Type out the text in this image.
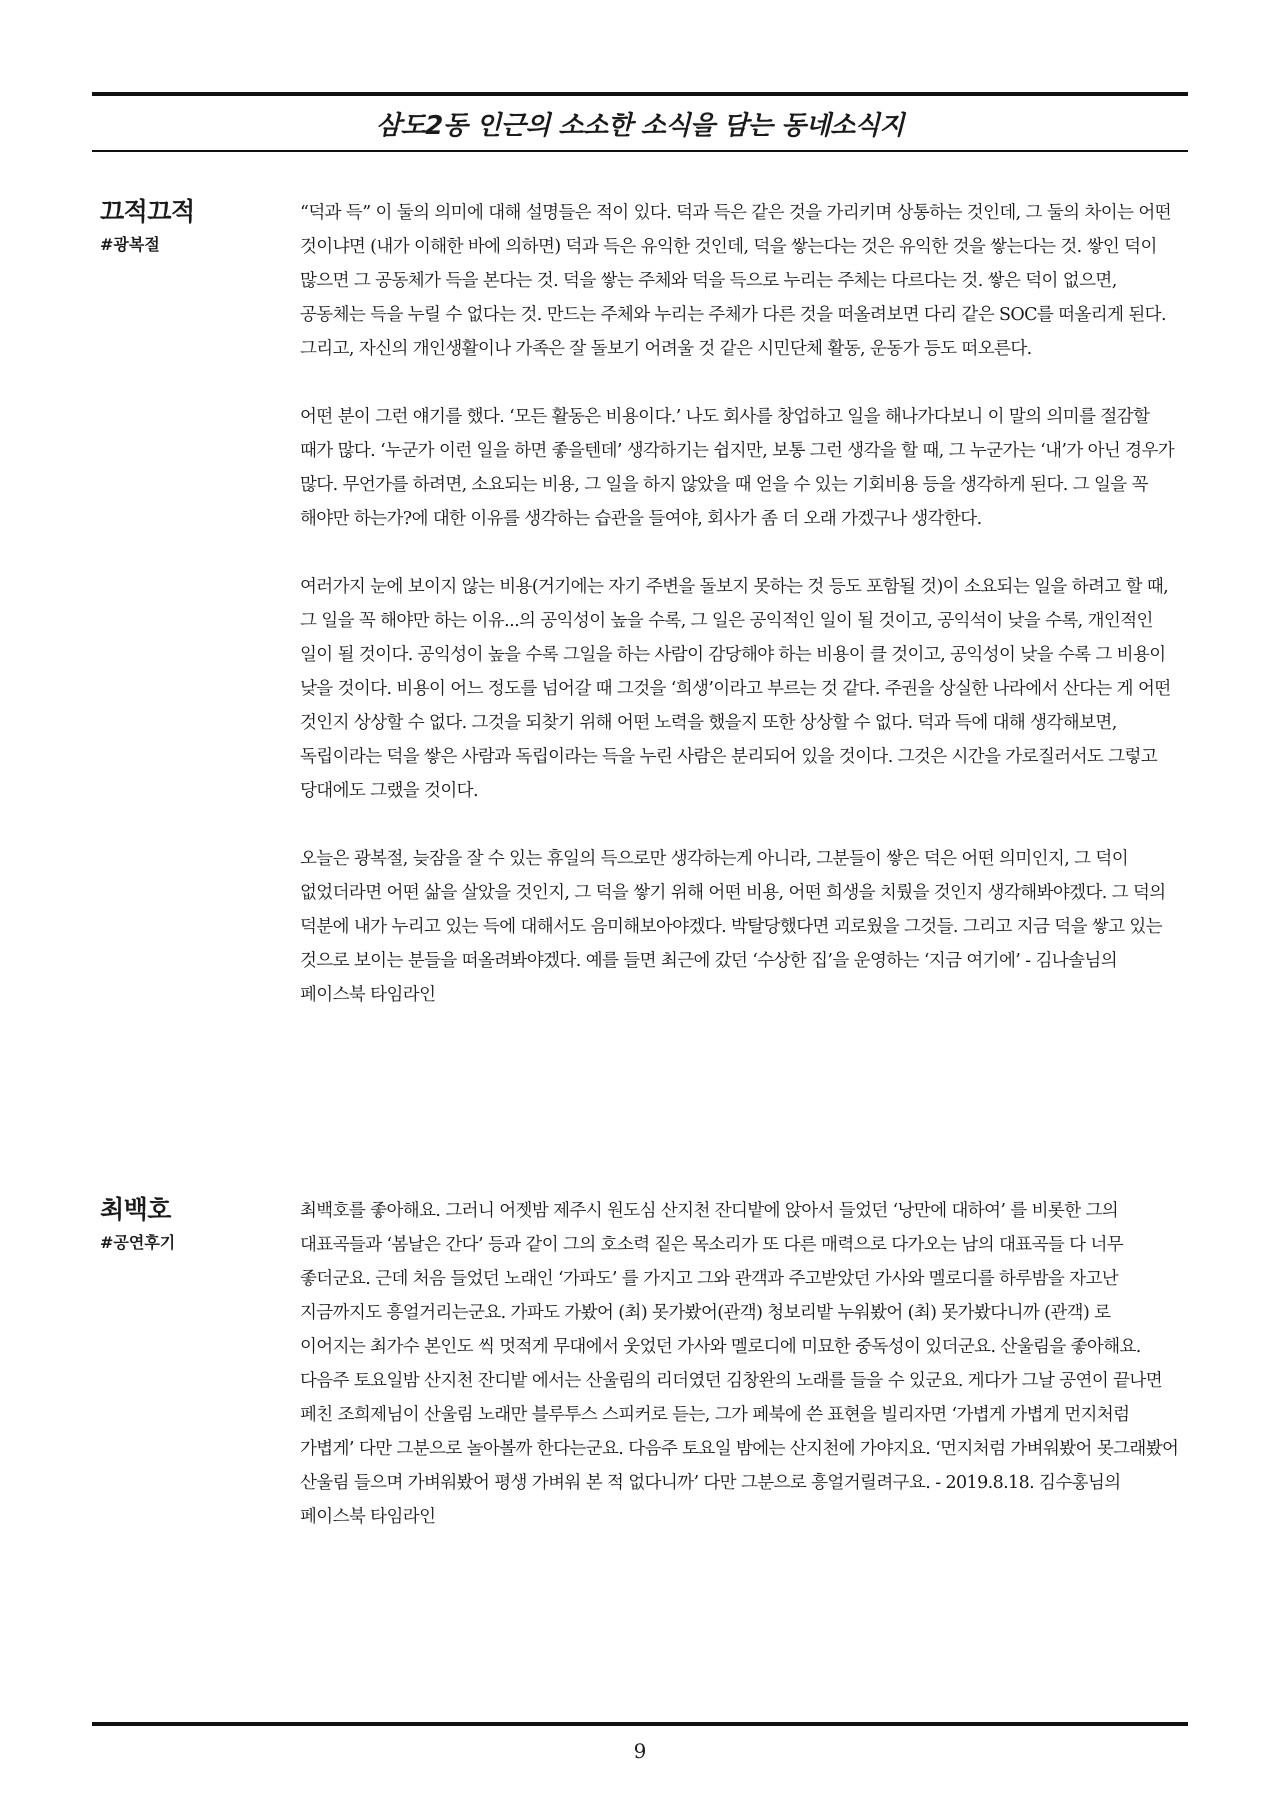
삼도2동 인근의 소소한 소식을 담는 동네소식지
끄적끄적
#광복절

“덕과 득” 이 둘의 의미에 대해 설명들은 적이 있다. 덕과 득은 같은 것을 가리키며 상통하는 것인데, 그 둘의 차이는 어떤 것이냐면 (내가 이해한 바에 의하면) 덕과 득은 유익한 것인데, 덕을 쌓는다는 것은 유익한 것을 쌓는다는 것. 쌓인 덕이 많으면 그 공동체가 득을 본다는 것. 덕을 쌓는 주체와 덕을 득으로 누리는 주체는 다르다는 것. 쌓은 덕이 없으면, 공동체는 득을 누릴 수 없다는 것. 만드는 주체와 누리는 주체가 다른 것을 떠올려보면 다리 같은 SOC를 떠올리게 된다. 그리고, 자신의 개인생활이나 가족은 잘 돌보기 어려울 것 같은 시민단체 활동, 운동가 등도 떠오른다.

어떤 분이 그런 얘기를 했다. ‘모든 활동은 비용이다.’ 나도 회사를 창업하고 일을 해나가다보니 이 말의 의미를 절감할 때가 많다. ‘누군가 이런 일을 하면 좋을텐데’ 생각하기는 쉽지만, 보통 그런 생각을 할 때, 그 누군가는 ‘내’가 아닌 경우가 많다. 무언가를 하려면, 소요되는 비용, 그 일을 하지 않았을 때 얻을 수 있는 기회비용 등을 생각하게 된다. 그 일을 꼭 해야만 하는가?에 대한 이유를 생각하는 습관을 들여야, 회사가 좀 더 오래 가겠구나 생각한다.

여러가지 눈에 보이지 않는 비용(거기에는 자기 주변을 돌보지 못하는 것 등도 포함될 것)이 소요되는 일을 하려고 할 때, 그 일을 꼭 해야만 하는 이유...의 공익성이 높을 수록, 그 일은 공익적인 일이 될 것이고, 공익석이 낮을 수록, 개인적인 일이 될 것이다. 공익성이 높을 수록 그일을 하는 사람이 감당해야 하는 비용이 클 것이고, 공익성이 낮을 수록 그 비용이 낮을 것이다. 비용이 어느 정도를 넘어갈 때 그것을 ‘희생’이라고 부르는 것 같다. 주권을 상실한 나라에서 산다는 게 어떤 것인지 상상할 수 없다. 그것을 되찾기 위해 어떤 노력을 했을지 또한 상상할 수 없다. 덕과 득에 대해 생각해보면, 독립이라는 덕을 쌓은 사람과 독립이라는 득을 누린 사람은 분리되어 있을 것이다. 그것은 시간을 가로질러서도 그렇고 당대에도 그랬을 것이다.

오늘은 광복절, 늦잠을 잘 수 있는 휴일의 득으로만 생각하는게 아니라, 그분들이 쌓은 덕은 어떤 의미인지, 그 덕이 없었더라면 어떤 삶을 살았을 것인지, 그 덕을 쌓기 위해 어떤 비용, 어떤 희생을 치뤘을 것인지 생각해봐야겠다. 그 덕의 덕분에 내가 누리고 있는 득에 대해서도 음미해보아야겠다. 박탈당했다면 괴로웠을 그것들. 그리고 지금 덕을 쌓고 있는 것으로 보이는 분들을 떠올려봐야겠다. 예를 들면 최근에 갔던 ‘수상한 집’을 운영하는 ‘지금 여기에’ - 김나솔님의 페이스북 타임라인

최백호
#공연후기

최백호를 좋아해요. 그러니 어젯밤 제주시 원도심 산지천 잔디밭에 앉아서 들었던 ‘낭만에 대하여’ 를 비롯한 그의 대표곡들과 ‘봄날은 간다’ 등과 같이 그의 호소력 짙은 목소리가 또 다른 매력으로 다가오는 남의 대표곡들 다 너무 좋더군요. 근데 처음 들었던 노래인 ‘가파도’ 를 가지고 그와 관객과 주고받았던 가사와 멜로디를 하루밤을 자고난 지금까지도 흥얼거리는군요. 가파도 가봤어 (최) 못가봤어(관객) 청보리밭 누워봤어 (최) 못가봤다니까 (관객) 로 이어지는 최가수 본인도 씩 멋적게 무대에서 웃었던 가사와 멜로디에 미묘한 중독성이 있더군요. 산울림을 좋아해요. 다음주 토요일밤 산지천 잔디밭 에서는 산울림의 리더였던 김창완의 노래를 들을 수 있군요. 게다가 그날 공연이 끝나면 페친 조희제님이 산울림 노래만 블루투스 스피커로 듣는, 그가 페북에 쓴 표현을 빌리자면 ‘가볍게 가볍게 먼지처럼 가볍게’ 다만 그분으로 놀아볼까 한다는군요. 다음주 토요일 밤에는 산지천에 가야지요. ‘먼지처럼 가벼워봤어 못그래봤어 산울림 들으며 가벼워봤어 평생 가벼워 본 적 없다니까’ 다만 그분으로 흥얼거릴려구요. - 2019.8.18. 김수홍님의 페이스북 타임라인

9
